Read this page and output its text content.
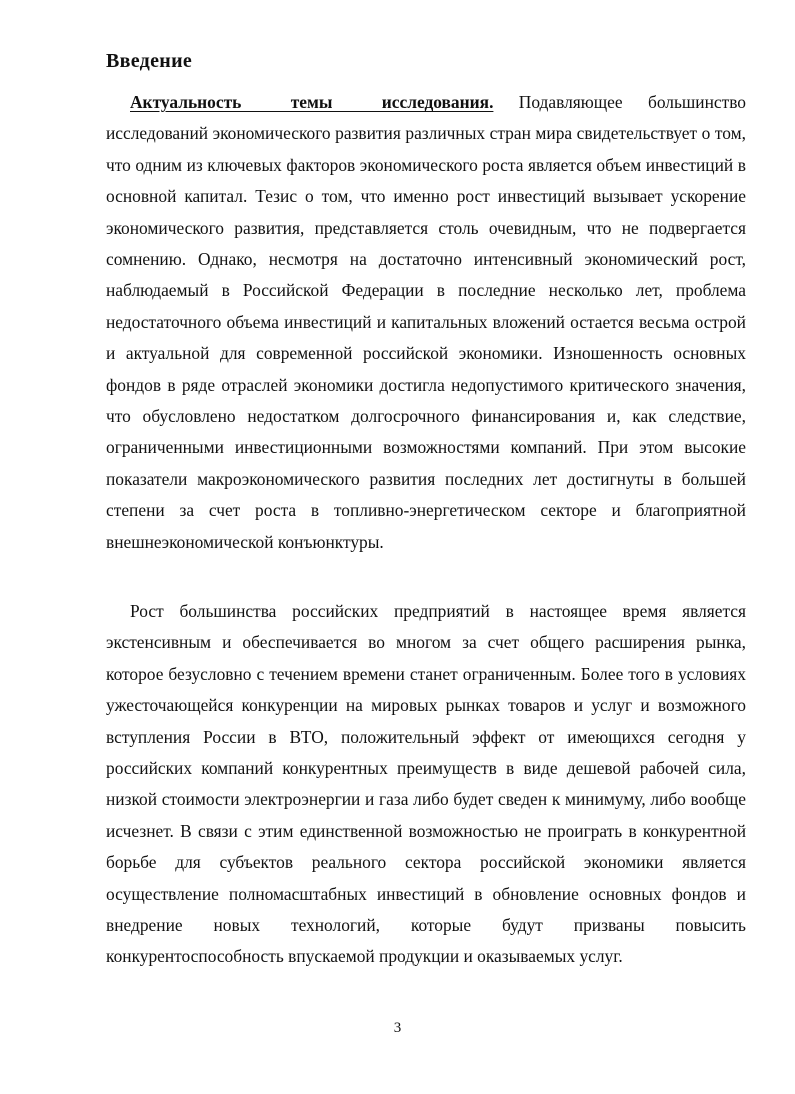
Введение

Актуальность темы исследования. Подавляющее большинство исследований экономического развития различных стран мира свидетельствует о том, что одним из ключевых факторов экономического роста является объем инвестиций в основной капитал. Тезис о том, что именно рост инвестиций вызывает ускорение экономического развития, представляется столь очевидным, что не подвергается сомнению. Однако, несмотря на достаточно интенсивный экономический рост, наблюдаемый в Российской Федерации в последние несколько лет, проблема недостаточного объема инвестиций и капитальных вложений остается весьма острой и актуальной для современной российской экономики. Изношенность основных фондов в ряде отраслей экономики достигла недопустимого критического значения, что обусловлено недостатком долгосрочного финансирования и, как следствие, ограниченными инвестиционными возможностями компаний. При этом высокие показатели макроэкономического развития последних лет достигнуты в большей степени за счет роста в топливно-энергетическом секторе и благоприятной внешнеэкономической конъюнктуры.

Рост большинства российских предприятий в настоящее время является экстенсивным и обеспечивается во многом за счет общего расширения рынка, которое безусловно с течением времени станет ограниченным. Более того в условиях ужесточающейся конкуренции на мировых рынках товаров и услуг и возможного вступления России в ВТО, положительный эффект от имеющихся сегодня у российских компаний конкурентных преимуществ в виде дешевой рабочей сила, низкой стоимости электроэнергии и газа либо будет сведен к минимуму, либо вообще исчезнет. В связи с этим единственной возможностью не проиграть в конкурентной борьбе для субъектов реального сектора российской экономики является осуществление полномасштабных инвестиций в обновление основных фондов и внедрение новых технологий, которые будут призваны повысить конкурентоспособность впускаемой продукции и оказываемых услуг.

3
